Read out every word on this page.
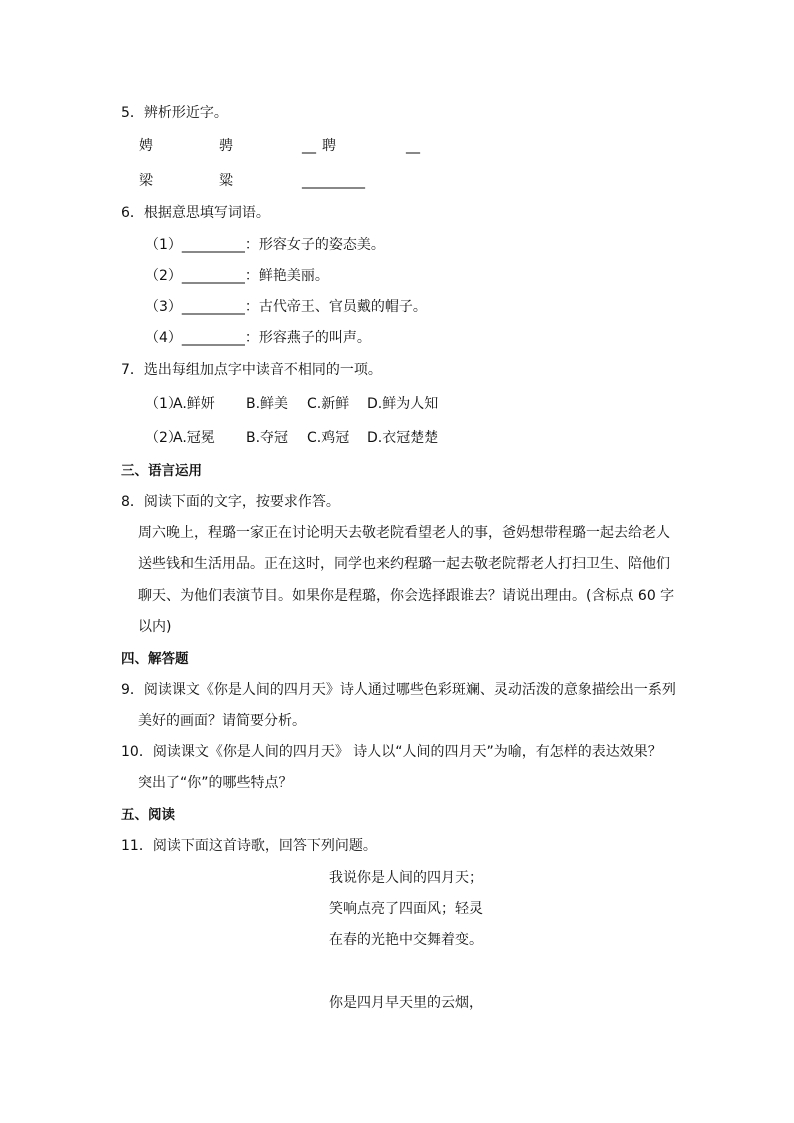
5．辨析形近字。
娉	骋	__ 聘	__
梁	粱	_________
6．根据意思填写词语。
（1）_________：形容女子的姿态美。
（2）_________：鲜艳美丽。
（3）_________：古代帝王、官员戴的帽子。
（4）_________：形容燕子的叫声。
7．选出每组加点字中读音不相同的一项。
（1）
A.鲜妍 B.鲜美 C.新鲜 D.鲜为人知
（2）
A.冠冕 B.夺冠 C.鸡冠 D.衣冠楚楚
三、语言运用
8．阅读下面的文字，按要求作答。
周六晚上，程璐一家正在讨论明天去敬老院看望老人的事，爸妈想带程璐一起去给老人
送些钱和生活用品。正在这时，同学也来约程璐一起去敬老院帮老人打扫卫生、陪他们
聊天、为他们表演节目。如果你是程璐，你会选择跟谁去？请说出理由。(含标点 60 字
以内)
四、解答题
9．阅读课文《你是人间的四月天》诗人通过哪些色彩斑斓、灵动活泼的意象描绘出一系列
美好的画面？请简要分析。
10．阅读课文《你是人间的四月天》 诗人以“人间的四月天”为喻，有怎样的表达效果？
突出了“你”的哪些特点？
五、阅读
11．阅读下面这首诗歌，回答下列问题。
我说你是人间的四月天；
笑响点亮了四面风；轻灵
在春的光艳中交舞着变。
你是四月早天里的云烟，
